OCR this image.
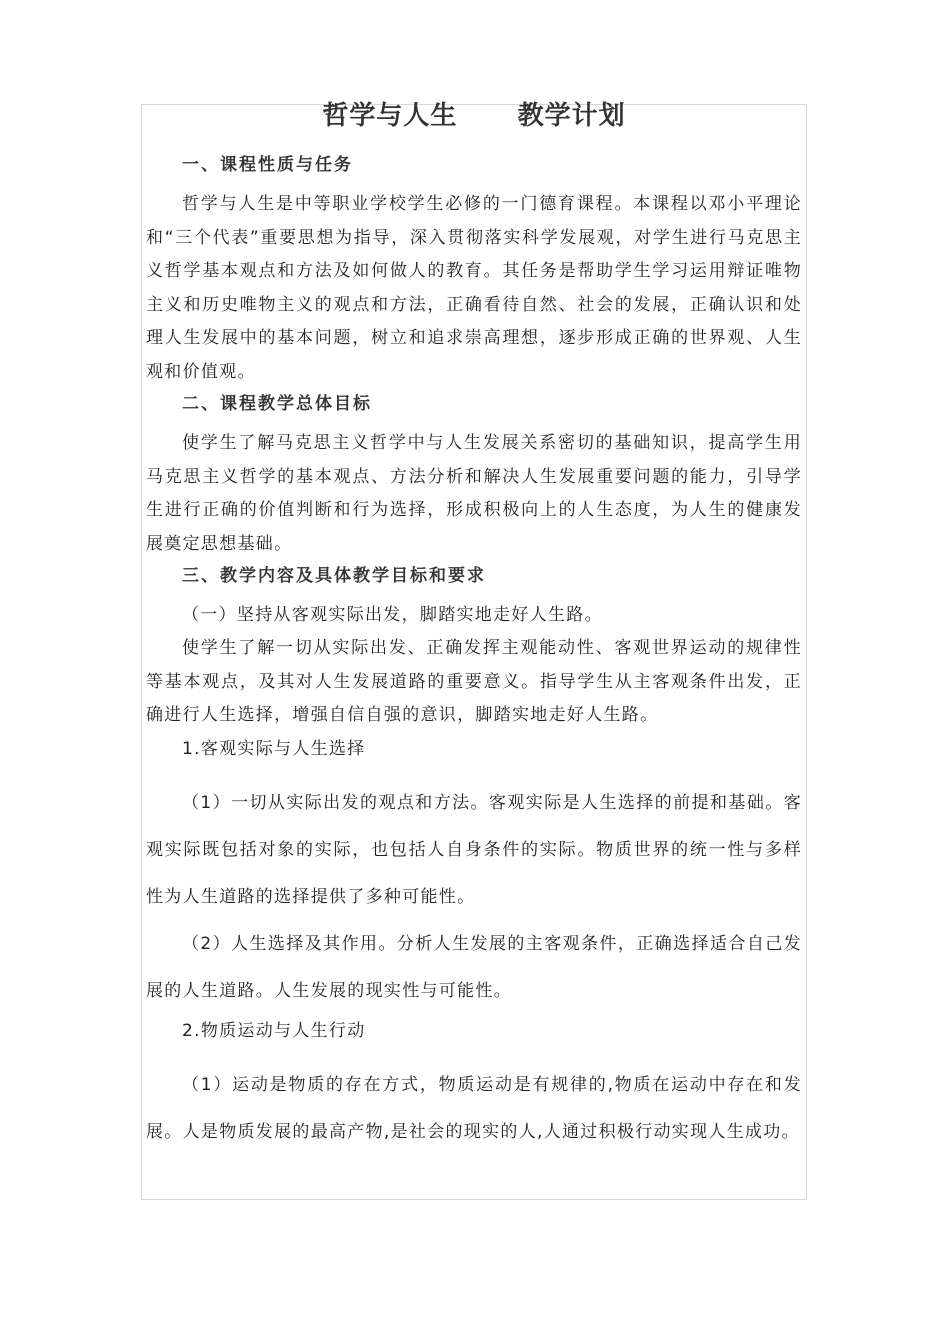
哲学与人生      教学计划
一、课程性质与任务

哲学与人生是中等职业学校学生必修的一门德育课程。本课程以邓小平理论和“三个代表”重要思想为指导，深入贯彻落实科学发展观，对学生进行马克思主义哲学基本观点和方法及如何做人的教育。其任务是帮助学生学习运用辩证唯物主义和历史唯物主义的观点和方法，正确看待自然、社会的发展，正确认识和处理人生发展中的基本问题，树立和追求崇高理想，逐步形成正确的世界观、人生观和价值观。

二、课程教学总体目标

使学生了解马克思主义哲学中与人生发展关系密切的基础知识，提高学生用马克思主义哲学的基本观点、方法分析和解决人生发展重要问题的能力，引导学生进行正确的价值判断和行为选择，形成积极向上的人生态度，为人生的健康发展奠定思想基础。

三、教学内容及具体教学目标和要求

（一）坚持从客观实际出发，脚踏实地走好人生路。

使学生了解一切从实际出发、正确发挥主观能动性、客观世界运动的规律性等基本观点，及其对人生发展道路的重要意义。指导学生从主客观条件出发，正确进行人生选择，增强自信自强的意识，脚踏实地走好人生路。

1.客观实际与人生选择

（1）一切从实际出发的观点和方法。客观实际是人生选择的前提和基础。客观实际既包括对象的实际，也包括人自身条件的实际。物质世界的统一性与多样性为人生道路的选择提供了多种可能性。

（2）人生选择及其作用。分析人生发展的主客观条件，正确选择适合自己发展的人生道路。人生发展的现实性与可能性。

2.物质运动与人生行动

（1）运动是物质的存在方式，物质运动是有规律的,物质在运动中存在和发展。人是物质发展的最高产物,是社会的现实的人,人通过积极行动实现人生成功。
